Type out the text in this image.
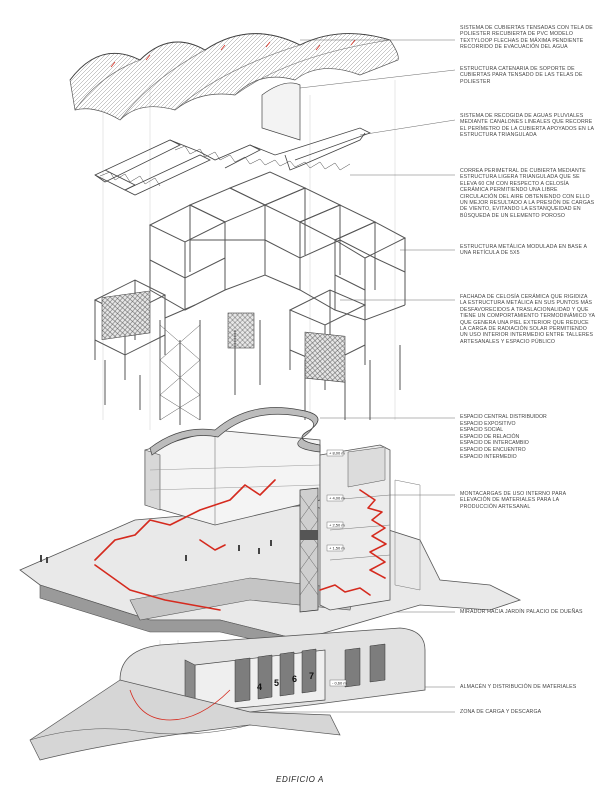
+ 8,00 m
+ 4,00 m
+ 2,50 m
+ 1,50 m
4 5 6 7
- 0,60 m
SISTEMA DE CUBIERTAS TENSADAS CON TELA DE POLIESTER RECUBIERTA DE PVC MODELO TEXTYLOOP FLECHAS DE MÁXIMA PENDIENTE RECORRIDO DE EVACUACIÓN DEL AGUA
ESTRUCTURA CATENARIA DE SOPORTE DE CUBIERTAS PARA TENSADO DE LAS TELAS DE POLIESTER
SISTEMA DE RECOGIDA DE AGUAS PLUVIALES MEDIANTE CANALONES LINEALES QUE RECORRE EL PERÍMETRO DE LA CUBIERTA APOYADOS EN LA ESTRUCTURA TRIANGULADA
CORREA PERIMETRAL DE CUBIERTA MEDIANTE ESTRUCTURA LIGERA TRIANGULADA QUE SE ELEVA 60 CM CON RESPECTO A CELOSÍA CERÁMICA PERMITIENDO UNA LIBRE CIRCULACIÓN DEL AIRE OBTENIENDO CON ELLO UN MEJOR RESULTADO A LA PRESIÓN DE CARGAS DE VIENTO, EVITANDO LA ESTANQUEIDAD EN BÚSQUEDA DE UN ELEMENTO POROSO
ESTRUCTURA METÁLICA MODULADA EN BASE A UNA RETÍCULA DE 5X5
FACHADA DE CELOSÍA CERÁMICA QUE RIGIDIZA LA ESTRUCTURA METÁLICA EN SUS PUNTOS MÁS DESFAVORECIDOS A TRASLACIONALIDAD Y QUE TIENE UN COMPORTAMIENTO TERMODINÁMICO YA QUE GENERA UNA PIEL EXTERIOR QUE REDUCE LA CARGA DE RADIACIÓN SOLAR PERMITIENDO UN USO INTERIOR INTERMEDIO ENTRE TALLERES ARTESANALES Y ESPACIO PÚBLICO
ESPACIO CENTRAL DISTRIBUIDOR
ESPACIO EXPOSITIVO
ESPACIO SOCIAL
ESPACIO DE RELACIÓN
ESPACIO DE INTERCAMBIO
ESPACIO DE ENCUENTRO
ESPACIO INTERMEDIO
MONTACARGAS DE USO INTERNO PARA ELEVACIÓN DE MATERIALES PARA LA PRODUCCIÓN ARTESANAL
MIRADOR HACIA JARDÍN PALACIO DE DUEÑAS
ALMACÉN Y DISTRIBUCIÓN DE MATERIALES
ZONA DE CARGA Y DESCARGA
EDIFICIO A
